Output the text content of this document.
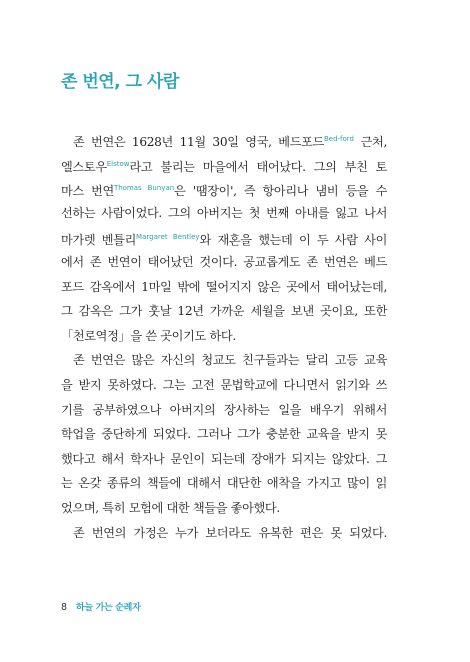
존 번연, 그 사람
존 번연은 1628년 11월 30일 영국, 베드포드$^{Bed-ford}$ 근처,
엘스토우$^{Elstow}$라고 불리는 마을에서 태어났다. 그의 부친 토
마스 번연$^{Thomas Bunyan}$은 '땜장이', 즉 항아리나 냄비 등을 수
선하는 사람이었다. 그의 아버지는 첫 번째 아내를 잃고 나서
마가렛 벤틀리$^{Margaret Bentley}$와 재혼을 했는데 이 두 사람 사이
에서 존 번연이 태어났던 것이다. 공교롭게도 존 번연은 베드
포드 감옥에서 1마일 밖에 떨어지지 않은 곳에서 태어났는데,
그 감옥은 그가 훗날 12년 가까운 세월을 보낸 곳이요, 또한
「천로역정」을 쓴 곳이기도 하다.
존 번연은 많은 자신의 청교도 친구들과는 달리 고등 교육
을 받지 못하였다. 그는 고전 문법학교에 다니면서 읽기와 쓰
기를 공부하였으나 아버지의 장사하는 일을 배우기 위해서
학업을 중단하게 되었다. 그러나 그가 충분한 교육을 받지 못
했다고 해서 학자나 문인이 되는데 장애가 되지는 않았다. 그
는 온갖 종류의 책들에 대해서 대단한 애착을 가지고 많이 읽
었으며, 특히 모험에 대한 책들을 좋아했다.
존 번연의 가정은 누가 보더라도 유복한 편은 못 되었다.
8 하늘 가는 순례자
